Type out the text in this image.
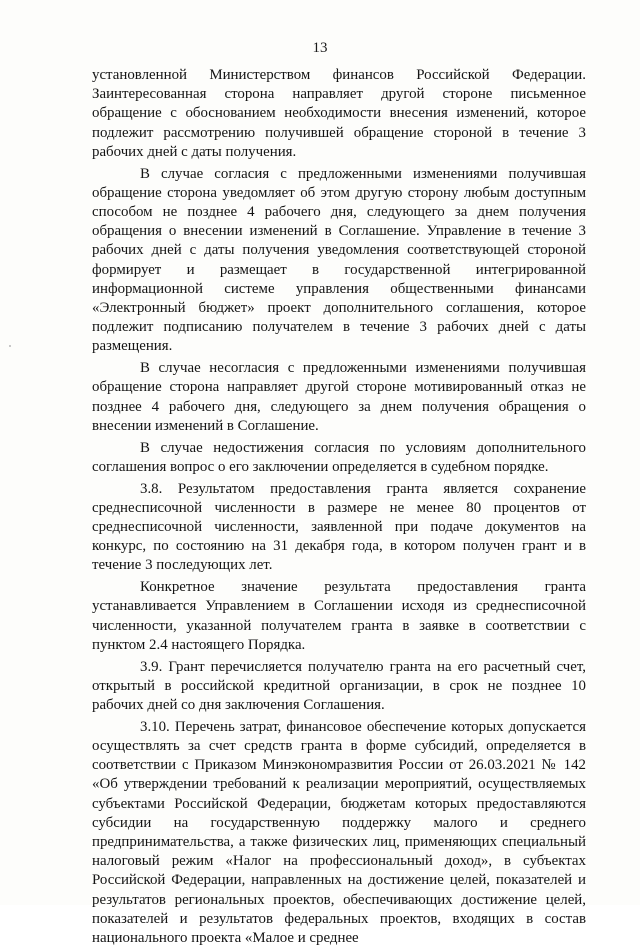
13

установленной Министерством финансов Российской Федерации. Заинтересованная сторона направляет другой стороне письменное обращение с обоснованием необходимости внесения изменений, которое подлежит рассмотрению получившей обращение стороной в течение 3 рабочих дней с даты получения.

В случае согласия с предложенными изменениями получившая обращение сторона уведомляет об этом другую сторону любым доступным способом не позднее 4 рабочего дня, следующего за днем получения обращения о внесении изменений в Соглашение. Управление в течение 3 рабочих дней с даты получения уведомления соответствующей стороной формирует и размещает в государственной интегрированной информационной системе управления общественными финансами «Электронный бюджет» проект дополнительного соглашения, которое подлежит подписанию получателем в течение 3 рабочих дней с даты размещения.

В случае несогласия с предложенными изменениями получившая обращение сторона направляет другой стороне мотивированный отказ не позднее 4 рабочего дня, следующего за днем получения обращения о внесении изменений в Соглашение.

В случае недостижения согласия по условиям дополнительного соглашения вопрос о его заключении определяется в судебном порядке.

3.8. Результатом предоставления гранта является сохранение среднесписочной численности в размере не менее 80 процентов от среднесписочной численности, заявленной при подаче документов на конкурс, по состоянию на 31 декабря года, в котором получен грант и в течение 3 последующих лет.

Конкретное значение результата предоставления гранта устанавливается Управлением в Соглашении исходя из среднесписочной численности, указанной получателем гранта в заявке в соответствии с пунктом 2.4 настоящего Порядка.

3.9. Грант перечисляется получателю гранта на его расчетный счет, открытый в российской кредитной организации, в срок не позднее 10 рабочих дней со дня заключения Соглашения.

3.10. Перечень затрат, финансовое обеспечение которых допускается осуществлять за счет средств гранта в форме субсидий, определяется в соответствии с Приказом Минэкономразвития России от 26.03.2021 № 142 «Об утверждении требований к реализации мероприятий, осуществляемых субъектами Российской Федерации, бюджетам которых предоставляются субсидии на государственную поддержку малого и среднего предпринимательства, а также физических лиц, применяющих специальный налоговый режим «Налог на профессиональный доход», в субъектах Российской Федерации, направленных на достижение целей, показателей и результатов региональных проектов, обеспечивающих достижение целей, показателей и результатов федеральных проектов, входящих в состав национального проекта «Малое и среднее
